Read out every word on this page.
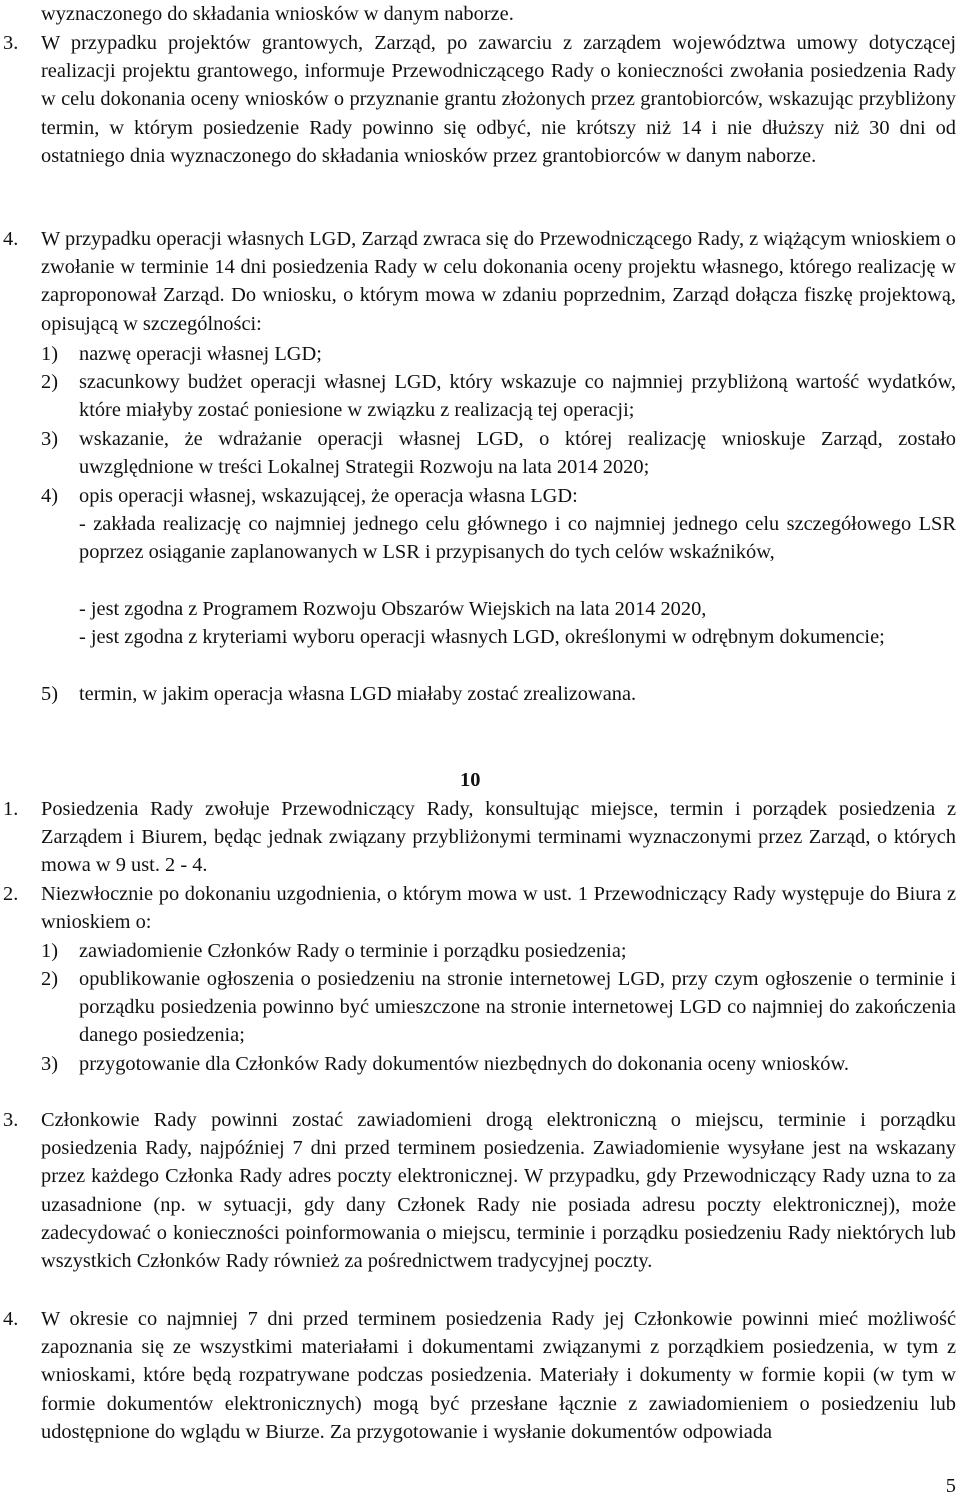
wyznaczonego do składania wniosków w danym naborze.

3. W przypadku projektów grantowych, Zarząd, po zawarciu z zarządem województwa umowy dotyczącej realizacji projektu grantowego, informuje Przewodniczącego Rady o konieczności zwołania posiedzenia Rady w celu dokonania oceny wniosków o przyznanie grantu złożonych przez grantobiorców, wskazując przybliżony termin, w którym posiedzenie Rady powinno się odbyć, nie krótszy niż 14 i nie dłuższy niż 30 dni od ostatniego dnia wyznaczonego do składania wniosków przez grantobiorców w danym naborze.

4. W przypadku operacji własnych LGD, Zarząd zwraca się do Przewodniczącego Rady, z wiążącym wnioskiem o zwołanie w terminie 14 dni posiedzenia Rady w celu dokonania oceny projektu własnego, którego realizację w zaproponował Zarząd. Do wniosku, o którym mowa w zdaniu poprzednim, Zarząd dołącza fiszkę projektową, opisującą w szczególności:

1) nazwę operacji własnej LGD;

2) szacunkowy budżet operacji własnej LGD, który wskazuje co najmniej przybliżoną wartość wydatków, które miałyby zostać poniesione w związku z realizacją tej operacji;

3) wskazanie, że wdrażanie operacji własnej LGD, o której realizację wnioskuje Zarząd, zostało uwzględnione w treści Lokalnej Strategii Rozwoju na lata 2014 2020;

4) opis operacji własnej, wskazującej, że operacja własna LGD:

- zakłada realizację co najmniej jednego celu głównego i co najmniej jednego celu szczegółowego LSR poprzez osiąganie zaplanowanych w LSR i przypisanych do tych celów wskaźników,

- jest zgodna z Programem Rozwoju Obszarów Wiejskich na lata 2014 2020,

- jest zgodna z kryteriami wyboru operacji własnych LGD, określonymi w odrębnym dokumencie;

5) termin, w jakim operacja własna LGD miałaby zostać zrealizowana.

10
1. Posiedzenia Rady zwołuje Przewodniczący Rady, konsultując miejsce, termin i porządek posiedzenia z Zarządem i Biurem, będąc jednak związany przybliżonymi terminami wyznaczonymi przez Zarząd, o których mowa w 9 ust. 2 - 4.

2. Niezwłocznie po dokonaniu uzgodnienia, o którym mowa w ust. 1 Przewodniczący Rady występuje do Biura z wnioskiem o:

1) zawiadomienie Członków Rady o terminie i porządku posiedzenia;

2) opublikowanie ogłoszenia o posiedzeniu na stronie internetowej LGD, przy czym ogłoszenie o terminie i porządku posiedzenia powinno być umieszczone na stronie internetowej LGD co najmniej do zakończenia danego posiedzenia;

3) przygotowanie dla Członków Rady dokumentów niezbędnych do dokonania oceny wniosków.

3. Członkowie Rady powinni zostać zawiadomieni drogą elektroniczną o miejscu, terminie i porządku posiedzenia Rady, najpóźniej 7 dni przed terminem posiedzenia. Zawiadomienie wysyłane jest na wskazany przez każdego Członka Rady adres poczty elektronicznej. W przypadku, gdy Przewodniczący Rady uzna to za uzasadnione (np. w sytuacji, gdy dany Członek Rady nie posiada adresu poczty elektronicznej), może zadecydować o konieczności poinformowania o miejscu, terminie i porządku posiedzeniu Rady niektórych lub wszystkich Członków Rady również za pośrednictwem tradycyjnej poczty.

4. W okresie co najmniej 7 dni przed terminem posiedzenia Rady jej Członkowie powinni mieć możliwość zapoznania się ze wszystkimi materiałami i dokumentami związanymi z porządkiem posiedzenia, w tym z wnioskami, które będą rozpatrywane podczas posiedzenia. Materiały i dokumenty w formie kopii (w tym w formie dokumentów elektronicznych) mogą być przesłane łącznie z zawiadomieniem o posiedzeniu lub udostępnione do wglądu w Biurze. Za przygotowanie i wysłanie dokumentów odpowiada

5
